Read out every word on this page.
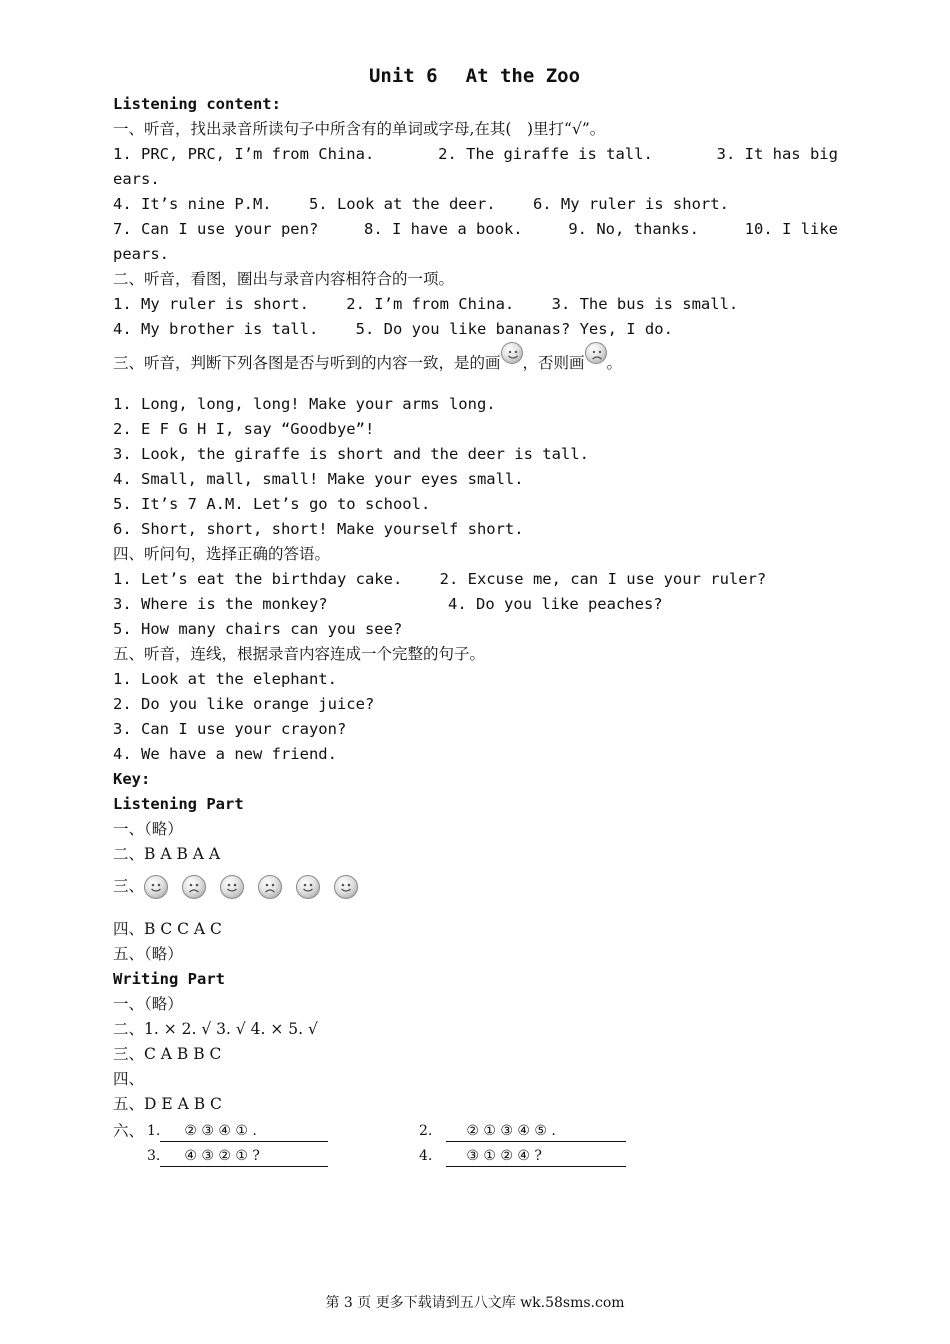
Unit 6 At the Zoo
Listening content:
一、听音，找出录音所读句子中所含有的单词或字母,在其(　)里打“√”。
1. PRC, PRC, I’m from China.	2. The giraffe is tall.	3. It has big
ears.
4. It’s nine P.M. 5. Look at the deer. 6. My ruler is short.
7. Can I use your pen?	8. I have a book.	9. No, thanks.	10. I like
pears.
二、听音，看图，圈出与录音内容相符合的一项。
1. My ruler is short. 2. I’m from China. 3. The bus is small.
4. My brother is tall. 5. Do you like bananas? Yes, I do.
三、听音，判断下列各图是否与听到的内容一致，是的画 ，否则画 。
1. Long, long, long! Make your arms long.
2. E F G H I, say “Goodbye”!
3. Look, the giraffe is short and the deer is tall.
4. Small, mall, small! Make your eyes small.
5. It’s 7 A.M. Let’s go to school.
6. Short, short, short! Make yourself short.
四、听问句，选择正确的答语。
1. Let’s eat the birthday cake. 2. Excuse me, can I use your ruler?
3. Where is the monkey?	4. Do you like peaches?
5. How many chairs can you see?
五、听音，连线，根据录音内容连成一个完整的句子。
1. Look at the elephant.
2. Do you like orange juice?
3. Can I use your crayon?
4. We have a new friend.
Key:
Listening Part
一、（略）
二、B A B A A
三、
四、B C C A C
五、（略）
Writing Part
一、（略）
二、1. × 2. √ 3. √ 4. × 5. √
三、C A B B C
四、
五、D E A B C
六、 1. ② ③ ④ ① .	2. ② ① ③ ④ ⑤ .
3. ④ ③ ② ① ?	4. ③ ① ② ④ ?
第 3 页 更多下载请到五八文库 wk.58sms.com
